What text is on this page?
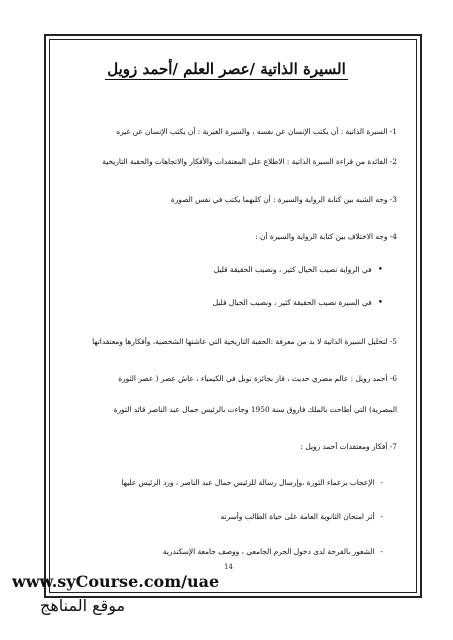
السيرة الذاتية /عصر العلم /أحمد زويل
1- السيرة الذاتية : أن يكتب الإنسان عن نفسه ، والسيرة الغيرية : أن يكتب الإنسان عن غيره
2- الفائدة من قراءة السيرة الذاتية : الاطلاع على المعتقدات والأفكار والاتجاهات والحقبة التاريخية
3- وجه الشبه بين كتابة الرواية والسيرة : أن كليهما يكتب في نفس الصورة
4- وجه الاختلاف بين كتابة الرواية والسيرة أن :
• في الرواية نصيب الخيال كثير ، ونصيب الحقيقة قليل
• في السيرة نصيب الحقيقة كثير ، ونصيب الخيال قليل
5- لتحليل السيرة الذاتية لا بد من معرفة :الحقبة التاريخية التي عاشتها الشخصية، وأفكارها ومعتقداتها
6- أحمد زويل : عالم مصري حديث ، فاز بجائزة نوبل في الكيمياء ، عاش عصر ( عصر الثورة
المصرية) التي أطاحت بالملك فاروق سنة 1950 وجاءت بالرئيس جمال عبد الناصر قائد الثورة
7- أفكار ومعتقدات أحمد زويل :
- الإعجاب بزعماء الثورة ،وإرسال رسالة للرئيس جمال عبد الناصر ، ورد الرئيس عليها
- أثر امتحان الثانوية العامة على حياة الطالب وأسرته
- الشعور بالفرحة لدى دخول الحرم الجامعي ، ووصف جامعة الإسكندرية
14
www.syCourse.com/uae
موقع المناهج
